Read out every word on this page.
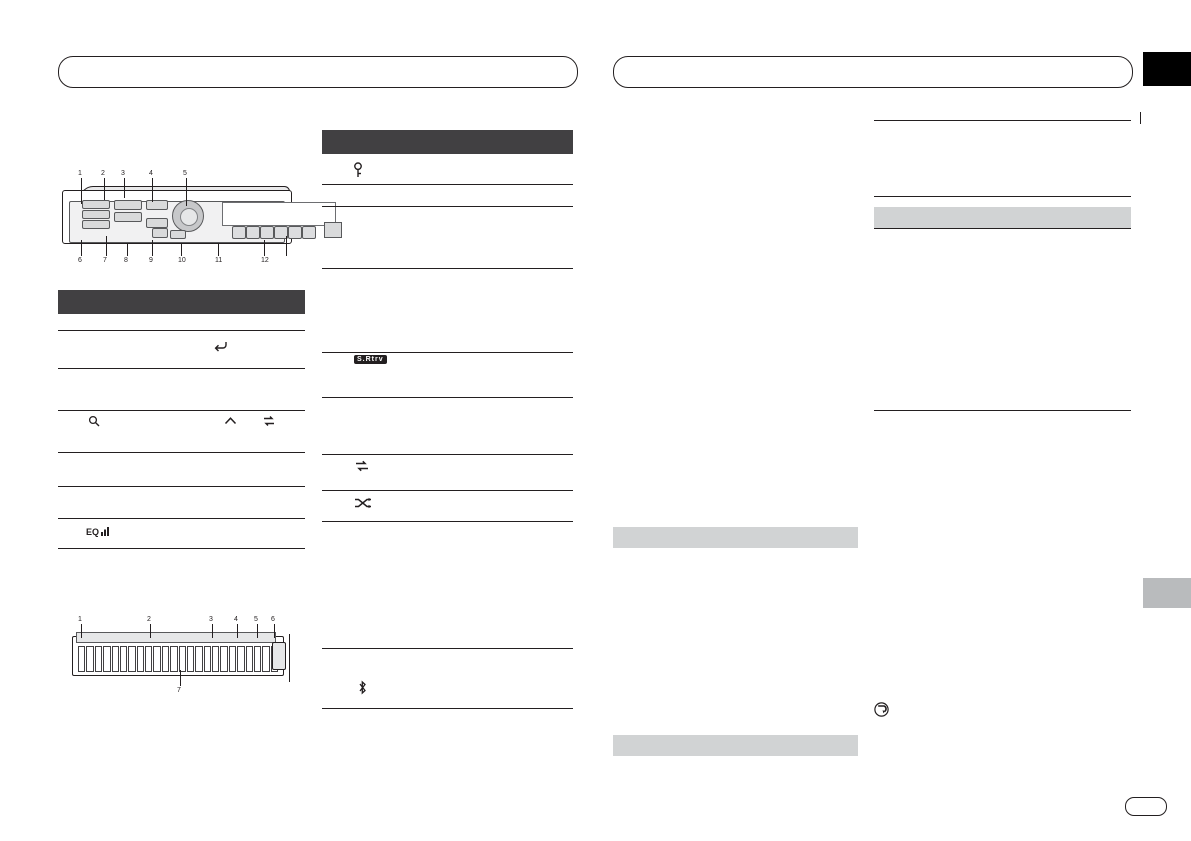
1	2 3	4	5
6	7 8	9	10	11	12
EQ
1	2	3	4 5 6
7
S.Rtrv
